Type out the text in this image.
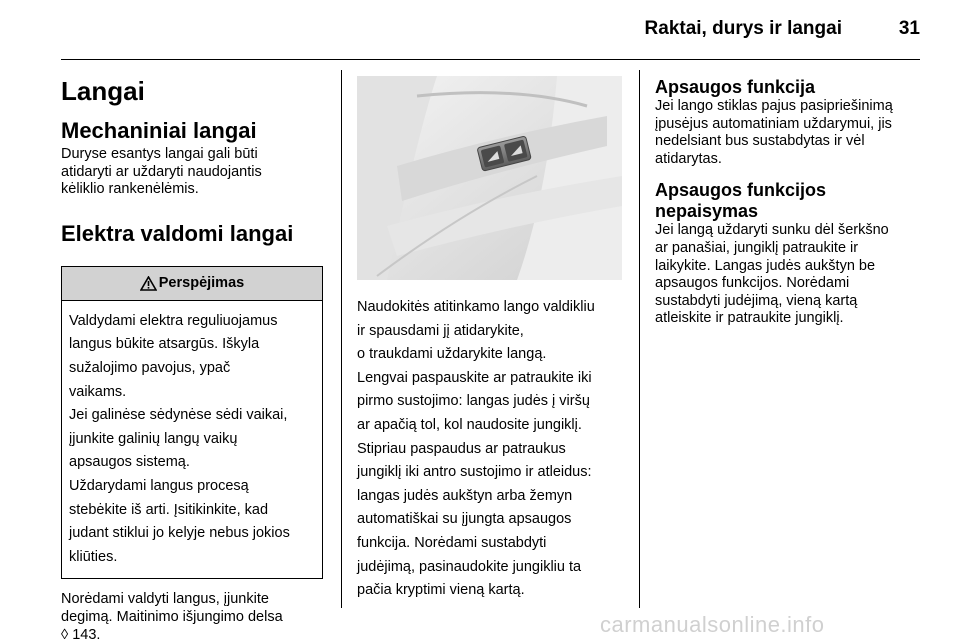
Raktai, durys ir langai	31
Langai
Mechaniniai langai

Duryse esantys langai gali būti

atidaryti ar uždaryti naudojantis

kėliklio rankenėlėmis.

Elektra valdomi langai
Perspėjimas

Valdydami elektra reguliuojamus

langus būkite atsargūs. Iškyla

sužalojimo pavojus, ypač

vaikams.

Jei galinėse sėdynėse sėdi vaikai,

įjunkite galinių langų vaikų

apsaugos sistemą.

Uždarydami langus procesą

stebėkite iš arti. Įsitikinkite, kad

judant stiklui jo kelyje nebus jokios

kliūties.

Norėdami valdyti langus, įjunkite

degimą. Maitinimo išjungimo delsa

◊ 143.

Naudokitės atitinkamo lango valdikliu

ir spausdami jį atidarykite,

o traukdami uždarykite langą.

Lengvai paspauskite ar patraukite iki

pirmo sustojimo: langas judės į viršų

ar apačią tol, kol naudosite jungiklį.

Stipriau paspaudus ar patraukus

jungiklį iki antro sustojimo ir atleidus:

langas judės aukštyn arba žemyn

automatiškai su įjungta apsaugos

funkcija. Norėdami sustabdyti

judėjimą, pasinaudokite jungikliu ta

pačia kryptimi vieną kartą.

Apsaugos funkcija

Jei lango stiklas pajus pasipriešinimą

įpusėjus automatiniam uždarymui, jis

nedelsiant bus sustabdytas ir vėl

atidarytas.

Apsaugos funkcijos
nepaisymas

Jei langą uždaryti sunku dėl šerkšno

ar panašiai, jungiklį patraukite ir

laikykite. Langas judės aukštyn be

apsaugos funkcijos. Norėdami

sustabdyti judėjimą, vieną kartą

atleiskite ir patraukite jungiklį.

carmanualsonline.info
